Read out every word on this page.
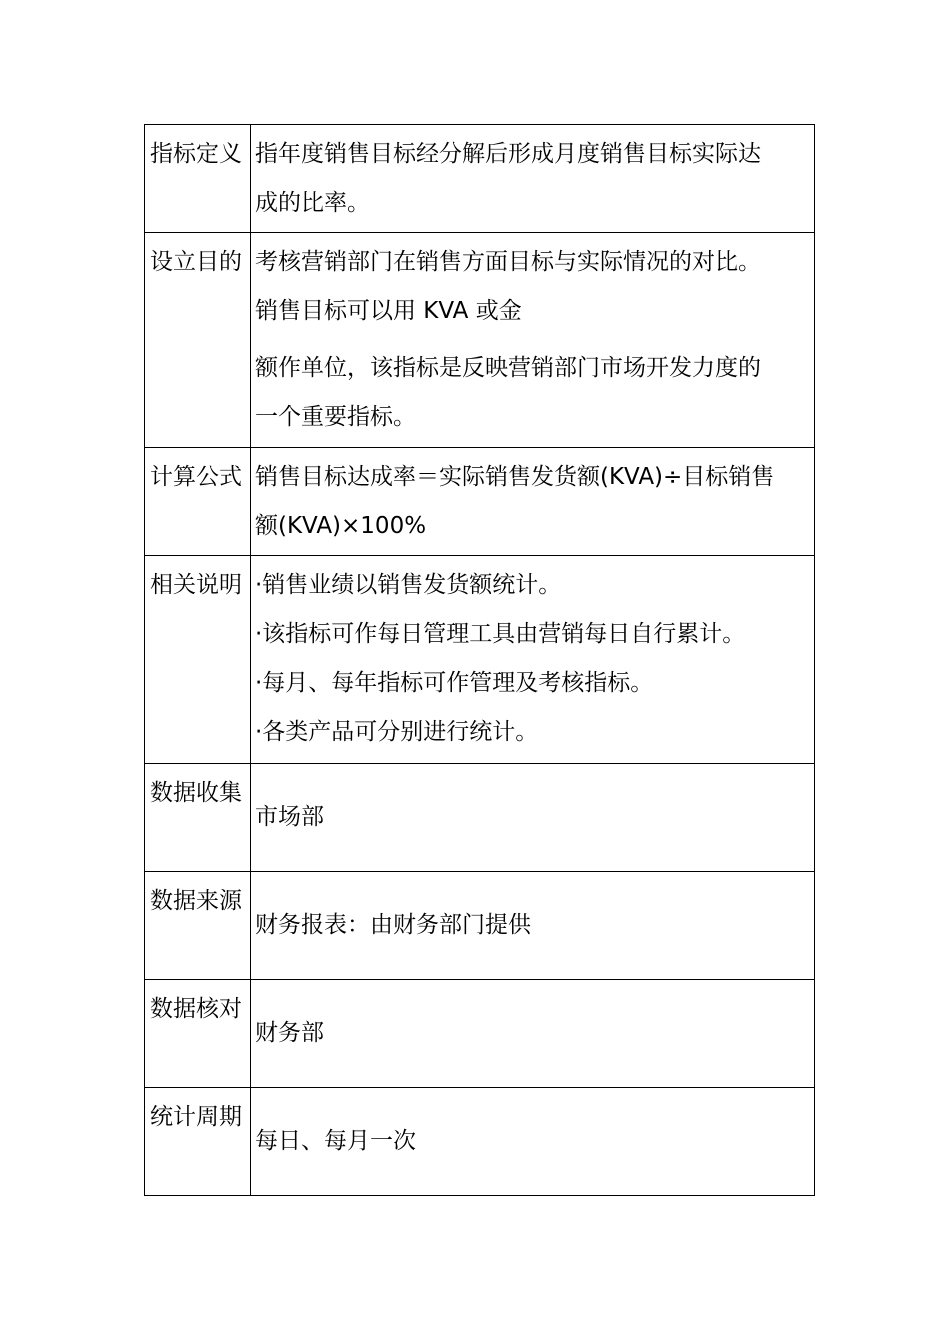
指标定义	指年度销售目标经分解后形成月度销售目标实际达
成的比率。

设立目的	考核营销部门在销售方面目标与实际情况的对比。
销售目标可以用 KVA 或金
额作单位，该指标是反映营销部门市场开发力度的
一个重要指标。

计算公式	销售目标达成率＝实际销售发货额(KVA)÷目标销售
额(KVA)×100%

相关说明	·销售业绩以销售发货额统计。
·该指标可作每日管理工具由营销每日自行累计。
·每月、每年指标可作管理及考核指标。
·各类产品可分别进行统计。

数据收集	市场部

数据来源	财务报表：由财务部门提供

数据核对	财务部

统计周期	每日、每月一次
